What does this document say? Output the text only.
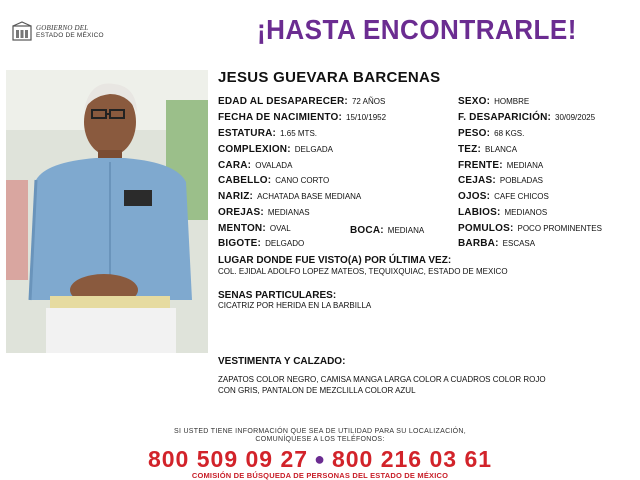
GOBIERNO DEL
ESTADO DE MÉXICO	¡HASTA ENCONTRARLE!
JESUS GUEVARA BARCENAS
EDAD AL DESAPARECER: 72 AÑOS
FECHA DE NACIMIENTO: 15/10/1952
ESTATURA: 1.65 MTS.
COMPLEXION: DELGADA
CARA: OVALADA
CABELLO: CANO CORTO
NARIZ: ACHATADA BASE MEDIANA
OREJAS: MEDIANAS
MENTON: OVAL
BIGOTE: DELGADO
BOCA: MEDIANA
SEXO: HOMBRE
F. DESAPARICIÓN: 30/09/2025
PESO: 68 KGS.
TEZ: BLANCA
FRENTE: MEDIANA
CEJAS: POBLADAS
OJOS: CAFE CHICOS
LABIOS: MEDIANOS
POMULOS: POCO PROMINENTES
BARBA: ESCASA
LUGAR DONDE FUE VISTO(A) POR ÚLTIMA VEZ:
COL. EJIDAL ADOLFO LOPEZ MATEOS, TEQUIXQUIAC, ESTADO DE MEXICO
SENAS PARTICULARES:
CICATRIZ POR HERIDA EN LA BARBILLA
VESTIMENTA Y CALZADO:
ZAPATOS COLOR NEGRO, CAMISA MANGA LARGA COLOR A CUADROS COLOR ROJO
CON GRIS, PANTALON DE MEZCLILLA COLOR AZUL
SI USTED TIENE INFORMACIÓN QUE SEA DE UTILIDAD PARA SU LOCALIZACIÓN,
COMUNÍQUESE A LOS TELÉFONOS:
800 509 09 27 ● 800 216 03 61
COMISIÓN DE BÚSQUEDA DE PERSONAS DEL ESTADO DE MÉXICO
